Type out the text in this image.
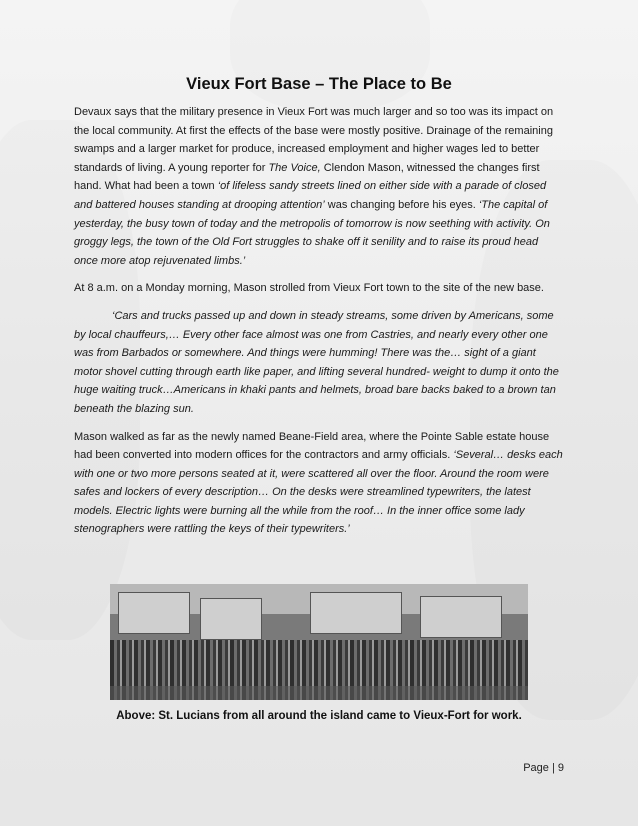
Vieux Fort Base – The Place to Be

Devaux says that the military presence in Vieux Fort was much larger and so too was its impact on the local community. At first the effects of the base were mostly positive. Drainage of the remaining swamps and a larger market for produce, increased employment and higher wages led to better standards of living. A young reporter for The Voice, Clendon Mason, witnessed the changes first hand. What had been a town ‘of lifeless sandy streets lined on either side with a parade of closed and battered houses standing at drooping attention’ was changing before his eyes. ‘The capital of yesterday, the busy town of today and the metropolis of tomorrow is now seething with activity. On groggy legs, the town of the Old Fort struggles to shake off it senility and to raise its proud head once more atop rejuvenated limbs.’

At 8 a.m. on a Monday morning, Mason strolled from Vieux Fort town to the site of the new base.

‘Cars and trucks passed up and down in steady streams, some driven by Americans, some by local chauffeurs,… Every other face almost was one from Castries, and nearly every other one was from Barbados or somewhere. And things were humming! There was the… sight of a giant motor shovel cutting through earth like paper, and lifting several hundred- weight to dump it onto the huge waiting truck…Americans in khaki pants and helmets, broad bare backs baked to a brown tan beneath the blazing sun.

Mason walked as far as the newly named Beane-Field area, where the Pointe Sable estate house had been converted into modern offices for the contractors and army officials. ‘Several… desks each with one or two more persons seated at it, were scattered all over the floor. Around the room were safes and lockers of every description… On the desks were streamlined typewriters, the latest models. Electric lights were burning all the while from the roof… In the inner office some lady stenographers were rattling the keys of their typewriters.’

Above: St. Lucians from all around the island came to Vieux-Fort for work.
Page | 9
